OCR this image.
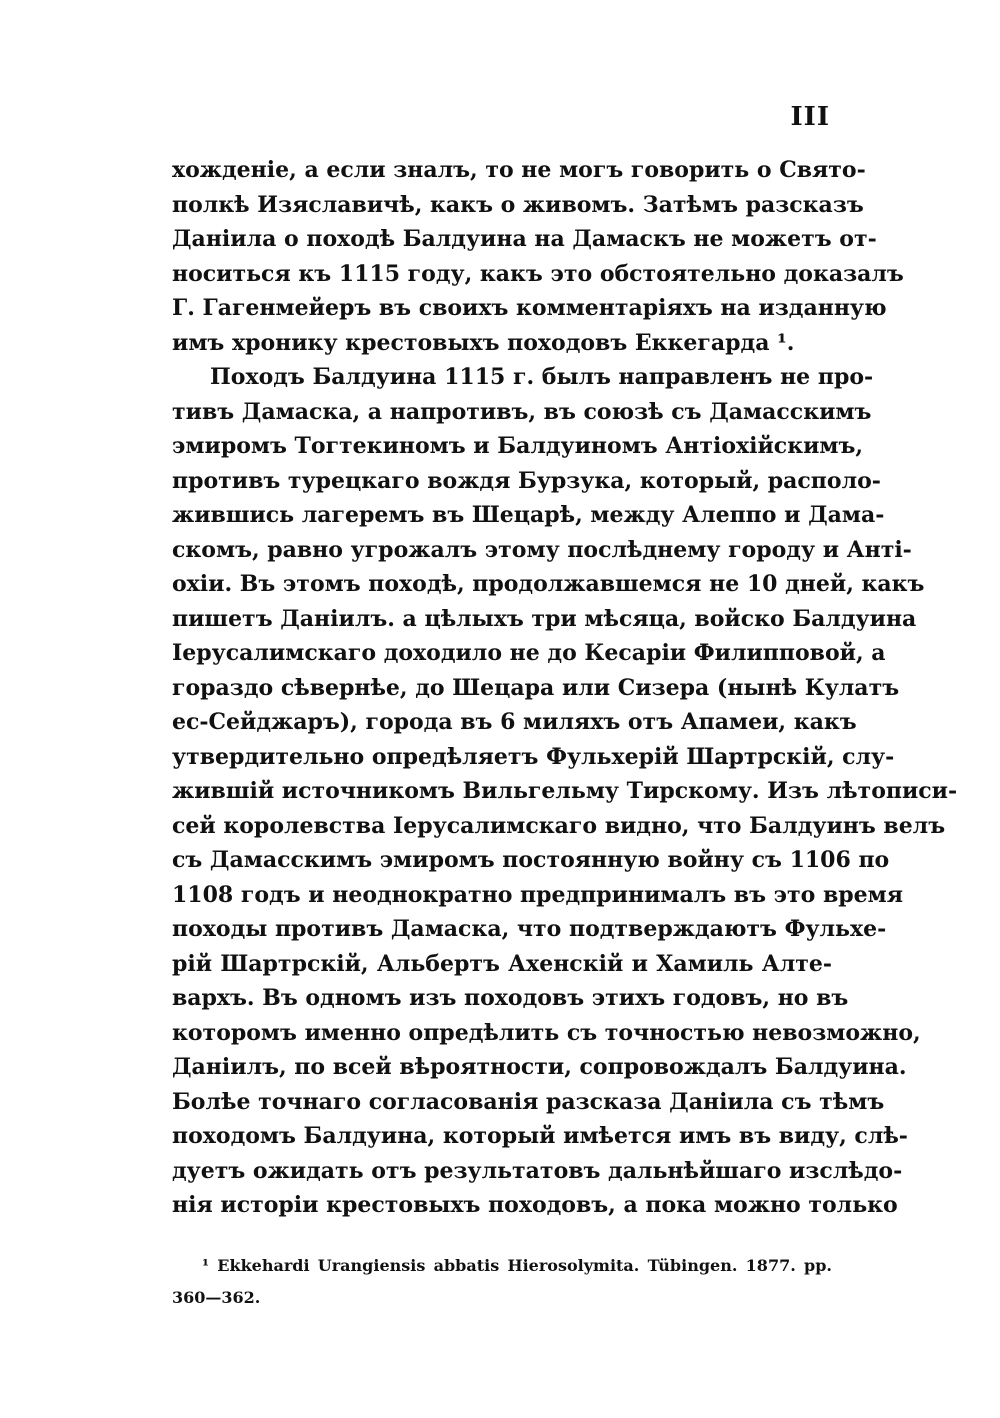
III
хожденіе, а если зналъ, то не могъ говорить о Свято-
полкѣ Изяславичѣ, какъ о живомъ. Затѣмъ разсказъ
Даніила о походѣ Балдуина на Дамаскъ не можетъ от-
носиться къ 1115 году, какъ это обстоятельно доказалъ
Г. Гагенмейеръ въ своихъ комментаріяхъ на изданную
имъ хронику крестовыхъ походовъ Еккегарда ¹.
Походъ Балдуина 1115 г. былъ направленъ не про-
тивъ Дамаска, а напротивъ, въ союзѣ съ Дамасскимъ
эмиромъ Тогтекиномъ и Балдуиномъ Антіохійскимъ,
противъ турецкаго вождя Бурзука, который, располо-
жившись лагеремъ въ Шецарѣ, между Алеппо и Дама-
скомъ, равно угрожалъ этому послѣднему городу и Анті-
охіи. Въ этомъ походѣ, продолжавшемся не 10 дней, какъ
пишетъ Даніилъ. а цѣлыхъ три мѣсяца, войско Балдуина
Іерусалимскаго доходило не до Кесаріи Филипповой, а
гораздо сѣвернѣе, до Шецара или Сизера (нынѣ Кулатъ
ес-Сейджаръ), города въ 6 миляхъ отъ Апамеи, какъ
утвердительно опредѣляетъ Фульхерій Шартрскій, слу-
жившій источникомъ Вильгельму Тирскому. Изъ лѣтописи-
сей королевства Іерусалимскаго видно, что Балдуинъ велъ
съ Дамасскимъ эмиромъ постоянную войну съ 1106 по
1108 годъ и неоднократно предпринималъ въ это время
походы противъ Дамаска, что подтверждаютъ Фульхе-
рій Шартрскій, Альбертъ Ахенскій и Хамиль Алте-
вархъ. Въ одномъ изъ походовъ этихъ годовъ, но въ
которомъ именно опредѣлить съ точностью невозможно,
Даніилъ, по всей вѣроятности, сопровождалъ Балдуина.
Болѣе точнаго согласованія разсказа Даніила съ тѣмъ
походомъ Балдуина, который имѣется имъ въ виду, слѣ-
дуетъ ожидать отъ результатовъ дальнѣйшаго изслѣдо-
нія исторіи крестовыхъ походовъ, а пока можно только
¹ Ekkehardi Urangiensis abbatis Hierosolymita. Tübingen. 1877. pp.
360—362.
